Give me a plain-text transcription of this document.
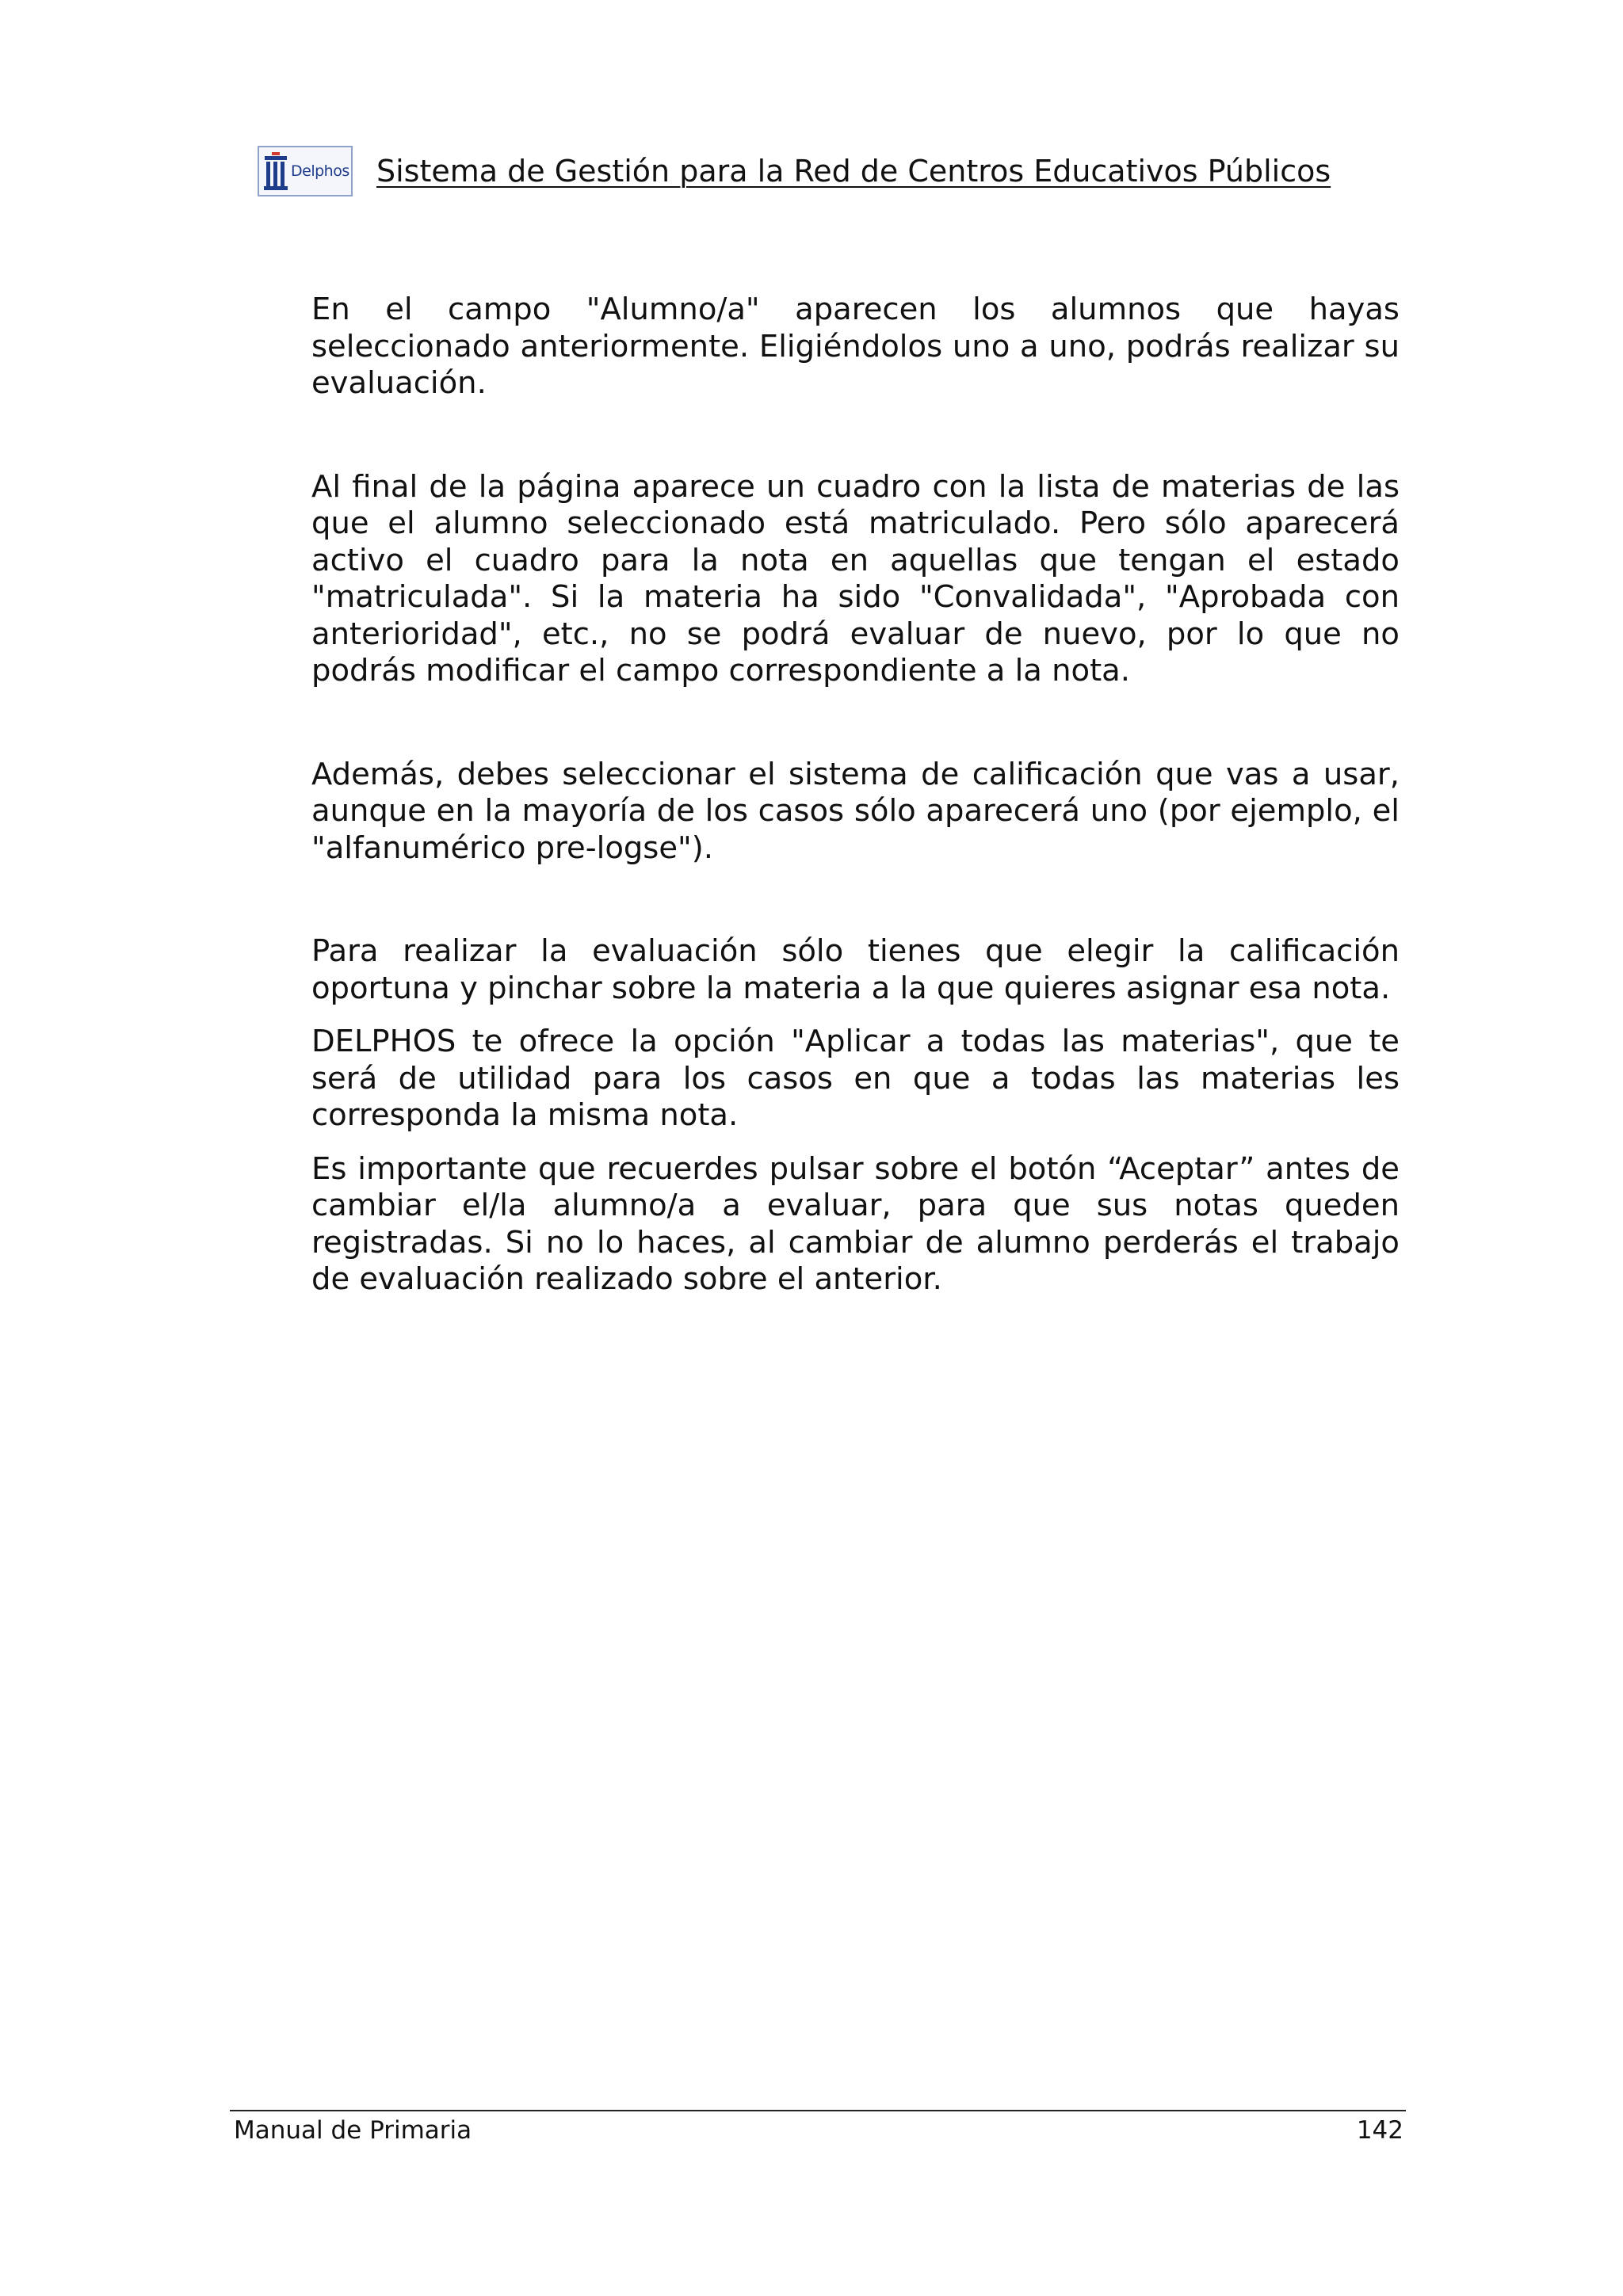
Delphos Sistema de Gestión para la Red de Centros Educativos Públicos

En el campo "Alumno/a" aparecen los alumnos que hayas seleccionado anteriormente. Eligiéndolos uno a uno, podrás realizar su evaluación.

Al final de la página aparece un cuadro con la lista de materias de las que el alumno seleccionado está matriculado. Pero sólo aparecerá activo el cuadro para la nota en aquellas que tengan el estado "matriculada". Si la materia ha sido "Convalidada", "Aprobada con anterioridad", etc., no se podrá evaluar de nuevo, por lo que no podrás modificar el campo correspondiente a la nota.

Además, debes seleccionar el sistema de calificación que vas a usar, aunque en la mayoría de los casos sólo aparecerá uno (por ejemplo, el "alfanumérico pre-logse").

Para realizar la evaluación sólo tienes que elegir la calificación oportuna y pinchar sobre la materia a la que quieres asignar esa nota.

DELPHOS te ofrece la opción "Aplicar a todas las materias", que te será de utilidad para los casos en que a todas las materias les corresponda la misma nota.

Es importante que recuerdes pulsar sobre el botón “Aceptar” antes de cambiar el/la alumno/a a evaluar, para que sus notas queden registradas. Si no lo haces, al cambiar de alumno perderás el trabajo de evaluación realizado sobre el anterior.

Manual de Primaria	142
